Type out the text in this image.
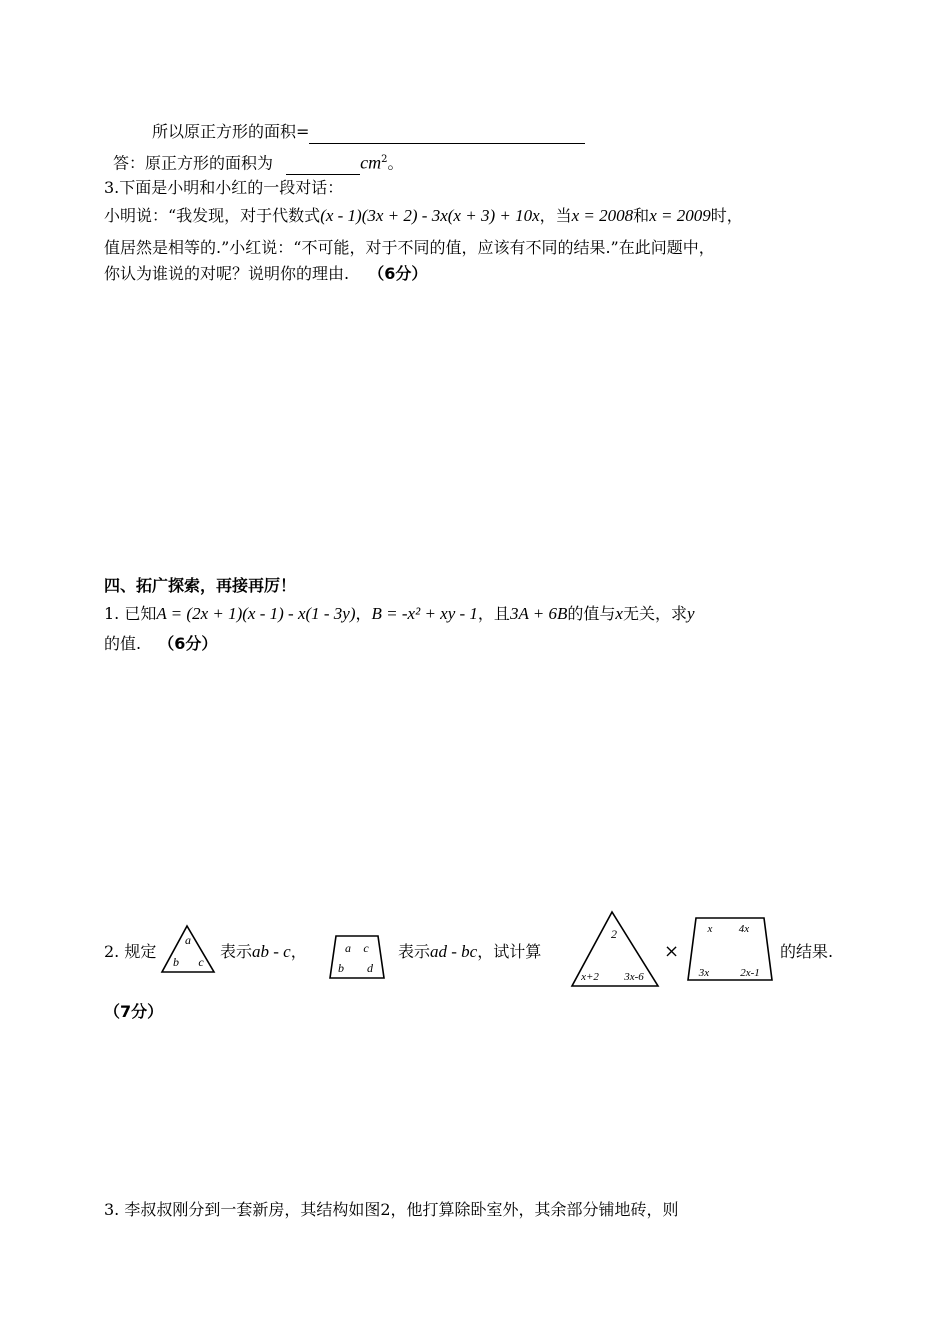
所以原正方形的面积=
答：原正方形的面积为	$cm^2$。
3.下面是小明和小红的一段对话：
小明说：“我发现，对于代数式(x - 1)(3x + 2) - 3x(x + 3) + 10x，当x = 2008和x = 2009时，
值居然是相等的.”小红说：“不可能，对于不同的值，应该有不同的结果.”在此问题中，
你认为谁说的对呢？说明你的理由. （6分）
四、拓广探索，再接再厉！
1. 已知A = (2x + 1)(x - 1) - x(1 - 3y)，B = -x² + xy - 1，且3A + 6B的值与x无关，求y
的值. （6分）
2. 规定
a
b c
表示ab - c，	a c
b d
表示ad - bc，试计算
2
x+2 3x-6
×
x 4x
3x	2x-1
的结果.
（7分）
3. 李叔叔刚分到一套新房，其结构如图2，他打算除卧室外，其余部分铺地砖，则
